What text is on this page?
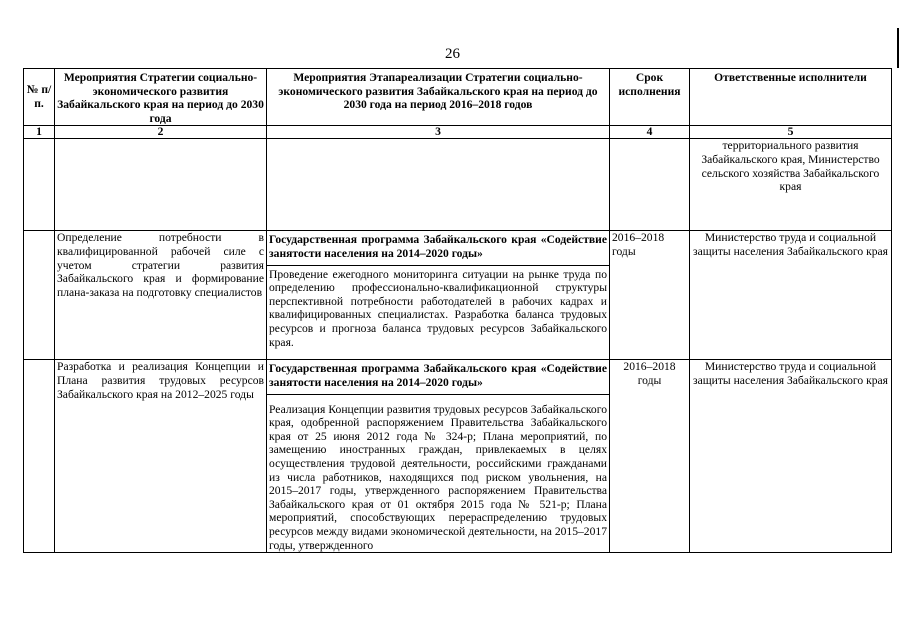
26
№ п/п.	Мероприятия Стратегии социально-экономического развития Забайкальского края на период до 2030 года	Мероприятия Этапареализации Стратегии социально-экономического развития Забайкальского края на период до 2030 года на период 2016–2018 годов	Срок исполнения	Ответственные исполнители
1	2	3	4	5
				территориального развития Забайкальского края, Министерство сельского хозяйства Забайкальского края
	Определение потребности в квалифицированной рабочей силе с учетом стратегии развития Забайкальского края и формирование плана-заказа на подготовку специалистов	Государственная программа Забайкальского края «Содействие занятости населения на 2014–2020 годы»
Проведение ежегодного мониторинга ситуации на рынке труда по определению профессионально-квалификационной структуры перспективной потребности работодателей в рабочих кадрах и квалифицированных специалистах. Разработка баланса трудовых ресурсов и прогноза баланса трудовых ресурсов Забайкальского края.	2016–2018 годы	Министерство труда и социальной защиты населения Забайкальского края
	Разработка и реализация Концепции и Плана развития трудовых ресурсов Забайкальского края на 2012–2025 годы	Государственная программа Забайкальского края «Содействие занятости населения на 2014–2020 годы»
Реализация Концепции развития трудовых ресурсов Забайкальского края, одобренной распоряжением Правительства Забайкальского края от 25 июня 2012 года № 324-р; Плана мероприятий, по замещению иностранных граждан, привлекаемых в целях осуществления трудовой деятельности, российскими гражданами из числа работников, находящихся под риском увольнения, на 2015–2017 годы, утвержденного распоряжением Правительства Забайкальского края от 01 октября 2015 года № 521-р; Плана мероприятий, способствующих перераспределению трудовых ресурсов между видами экономической деятельности, на 2015–2017 годы, утвержденного	2016–2018 годы	Министерство труда и социальной защиты населения Забайкальского края
